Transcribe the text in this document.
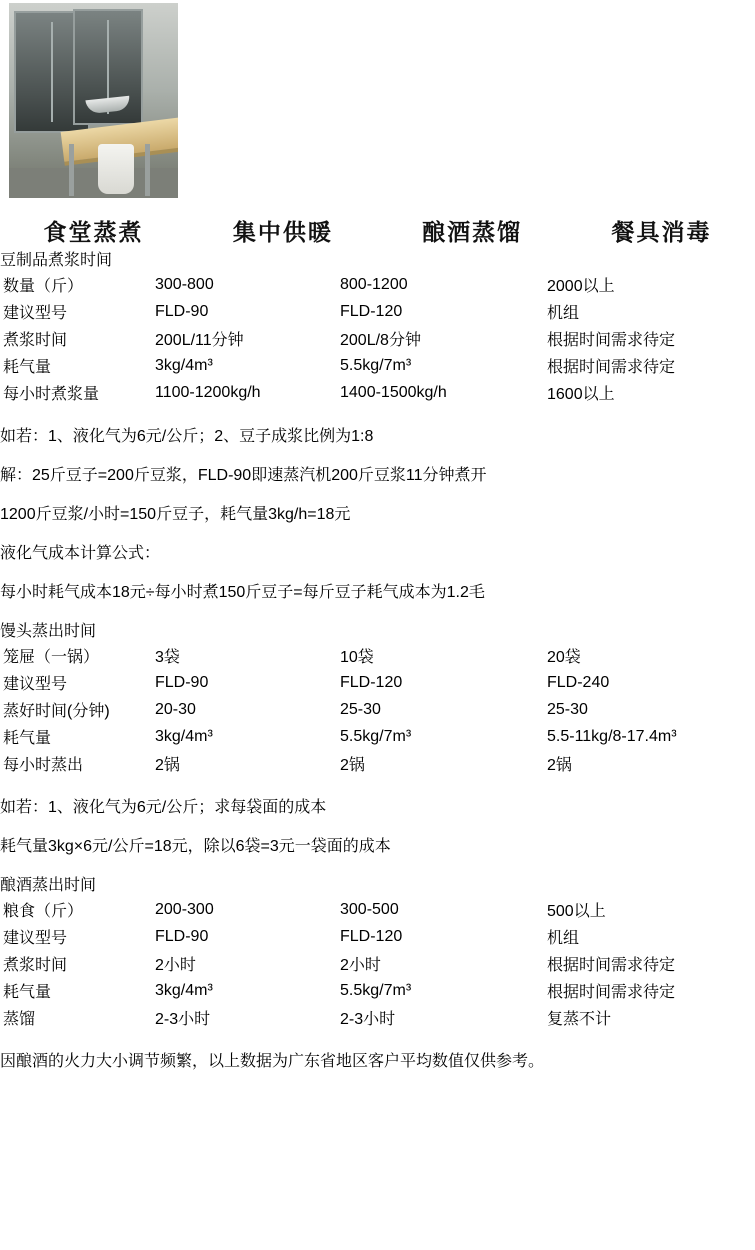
食堂蒸煮	集中供暖	酿酒蒸馏	餐具消毒
豆制品煮浆时间
数量（斤）	300-800	800-1200	2000以上
建议型号	FLD-90	FLD-120	机组
煮浆时间	200L/11分钟	200L/8分钟	根据时间需求待定
耗气量	3kg/4m³	5.5kg/7m³	根据时间需求待定
每小时煮浆量	1100-1200kg/h	1400-1500kg/h	1600以上

如若：1、液化气为6元/公斤；2、豆子成浆比例为1:8

解：25斤豆子=200斤豆浆，FLD-90即速蒸汽机200斤豆浆11分钟煮开

1200斤豆浆/小时=150斤豆子，耗气量3kg/h=18元

液化气成本计算公式：

每小时耗气成本18元÷每小时煮150斤豆子=每斤豆子耗气成本为1.2毛

馒头蒸出时间
笼屉（一锅）	3袋	10袋	20袋
建议型号	FLD-90	FLD-120	FLD-240
蒸好时间(分钟)	20-30	25-30	25-30
耗气量	3kg/4m³	5.5kg/7m³	5.5-11kg/8-17.4m³
每小时蒸出	2锅	2锅	2锅

如若：1、液化气为6元/公斤；求每袋面的成本

耗气量3kg×6元/公斤=18元，除以6袋=3元一袋面的成本

酿酒蒸出时间
粮食（斤）	200-300	300-500	500以上
建议型号	FLD-90	FLD-120	机组
煮浆时间	2小时	2小时	根据时间需求待定
耗气量	3kg/4m³	5.5kg/7m³	根据时间需求待定
蒸馏	2-3小时	2-3小时	复蒸不计

因酿酒的火力大小调节频繁，以上数据为广东省地区客户平均数值仅供参考。
